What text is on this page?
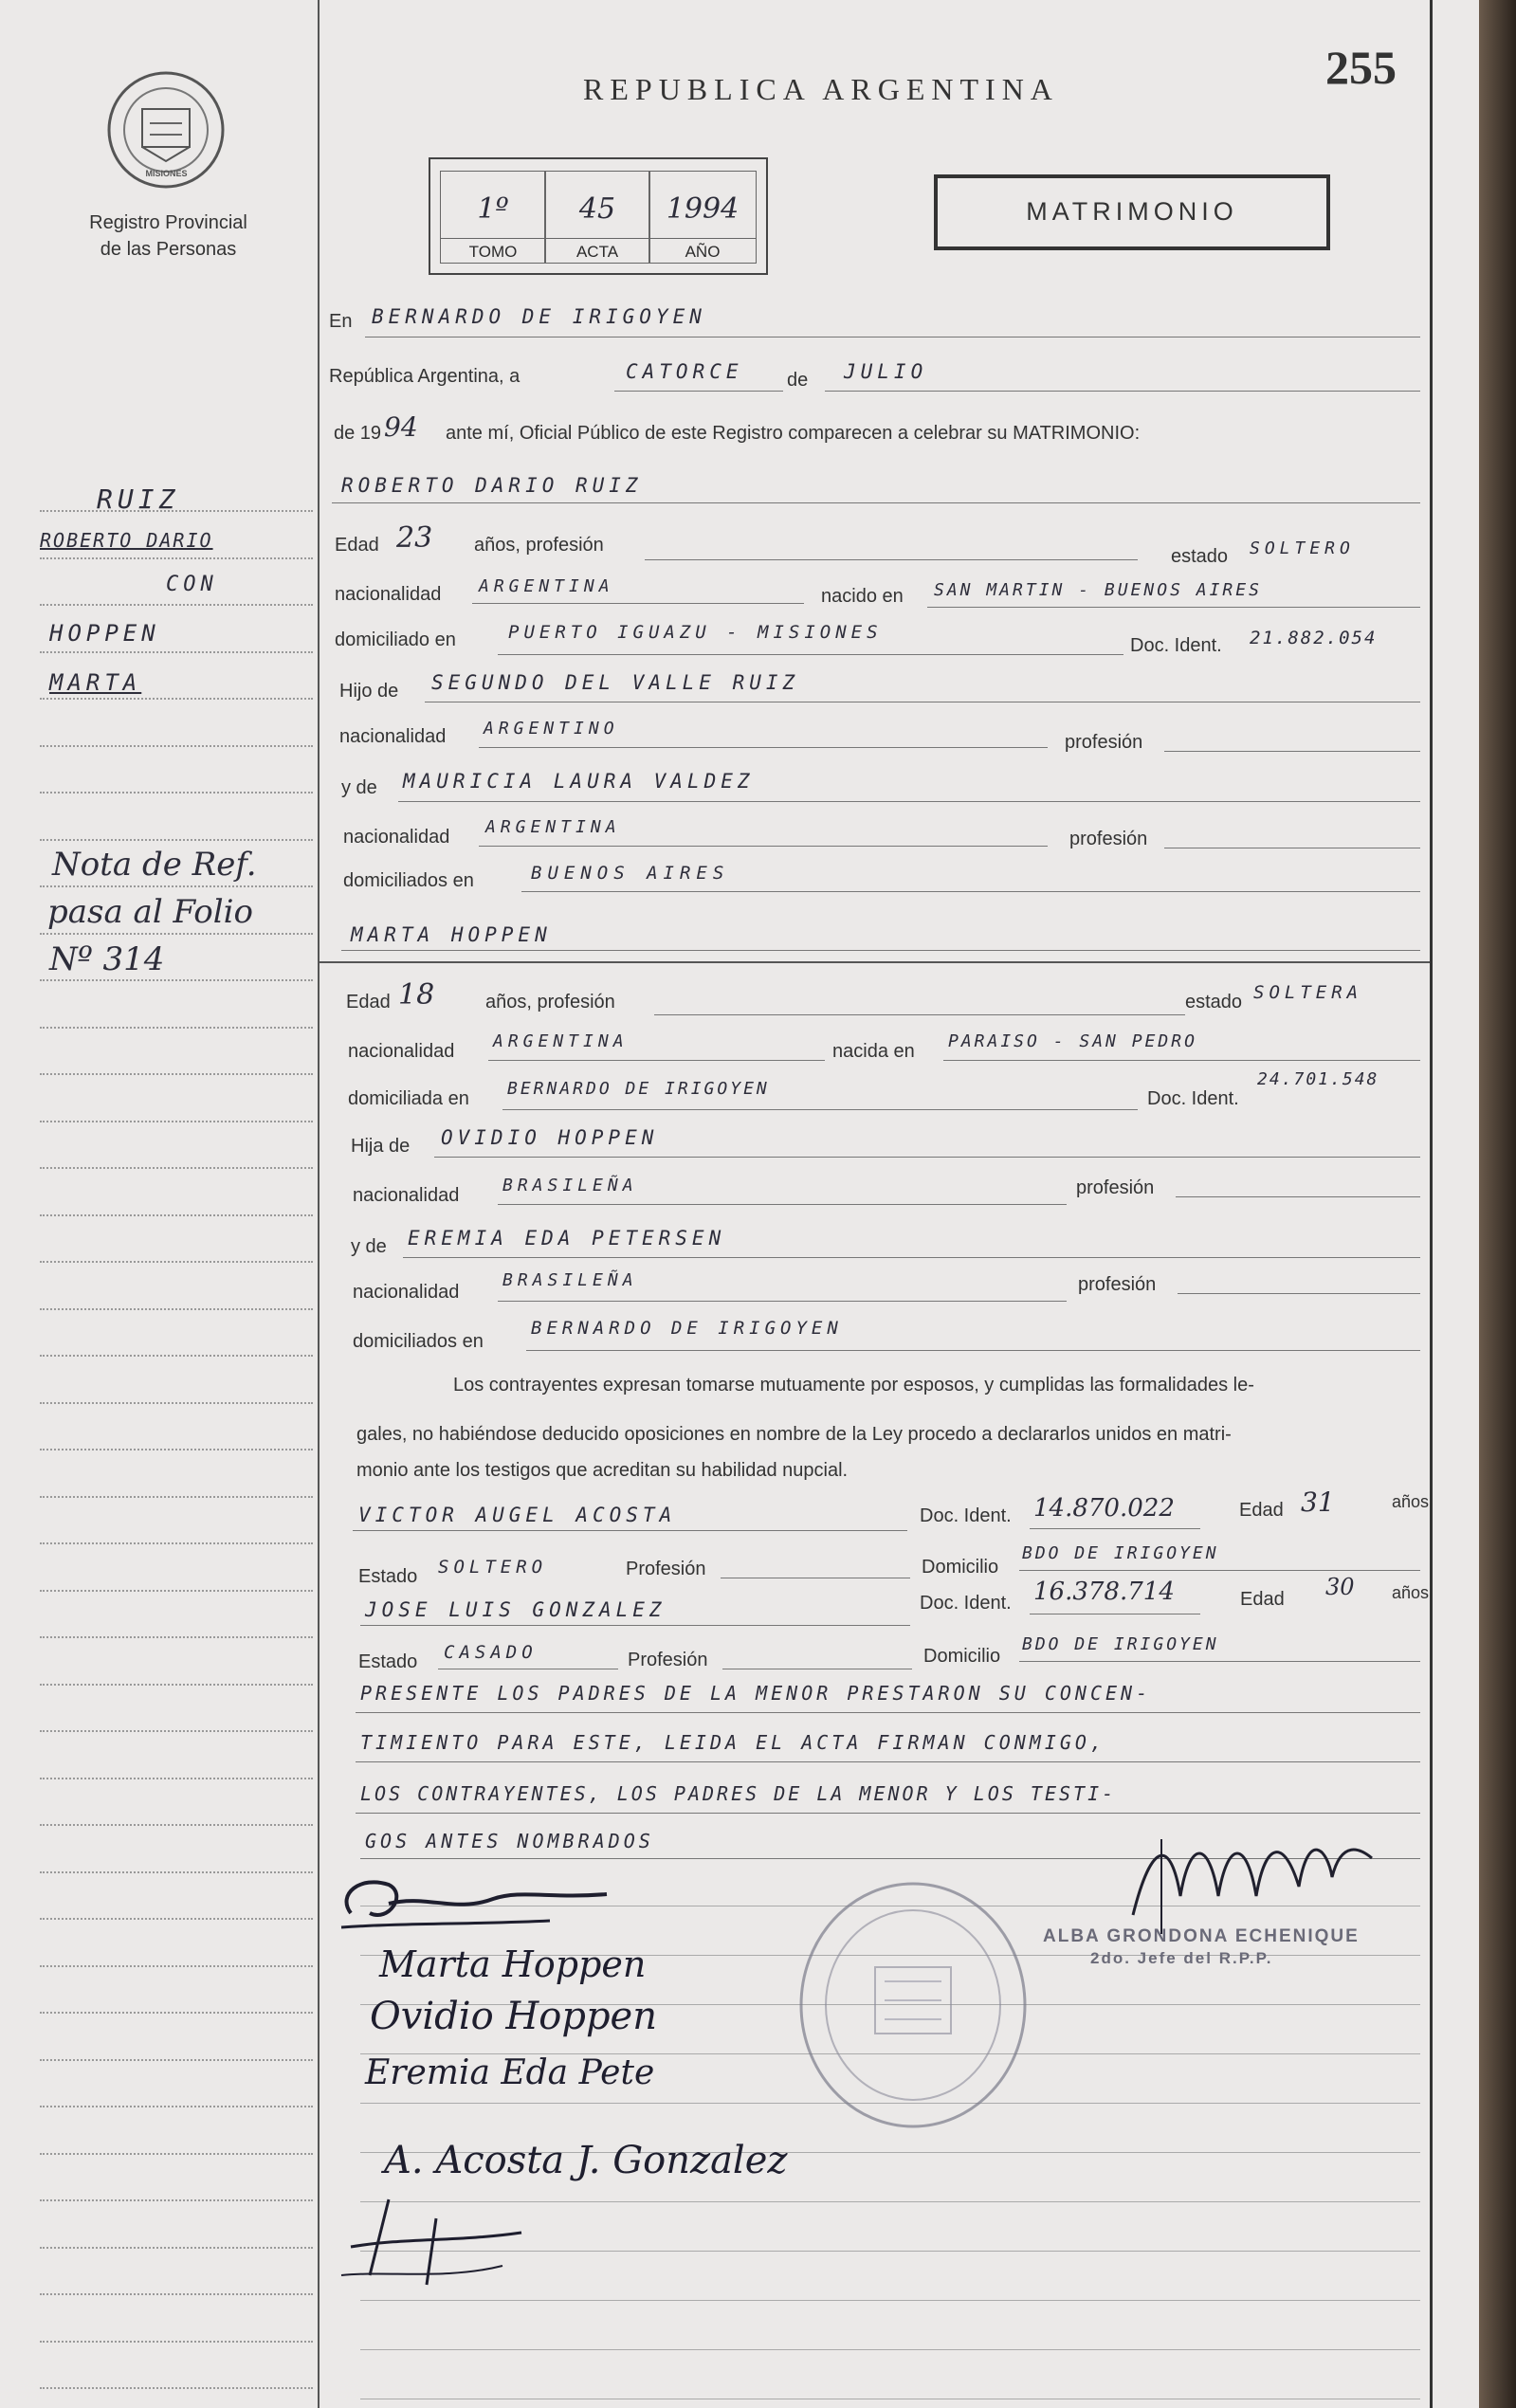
MISIONES
Registro Provincial
de las Personas
REPUBLICA ARGENTINA	255
1º
TOMO
45
ACTA
1994
AÑO
MATRIMONIO
RUIZ
ROBERTO DARIO
CON
HOPPEN
MARTA
Nota de Ref.
pasa al Folio
Nº 314
En BERNARDO DE IRIGOYEN
República Argentina, a	CATORCE de JULIO
de 19 94 ante mí, Oficial Público de este Registro comparecen a celebrar su MATRIMONIO:
ROBERTO DARIO RUIZ
Edad 23 años, profesión
estado SOLTERO
nacionalidad ARGENTINA	nacido en SAN MARTIN - BUENOS AIRES
domiciliado en	PUERTO IGUAZU - MISIONES
Doc. Ident. 21.882.054
Hijo de SEGUNDO DEL VALLE RUIZ
nacionalidad ARGENTINO
profesión
y de MAURICIA LAURA VALDEZ
nacionalidad ARGENTINA
profesión
domiciliados en	BUENOS AIRES
MARTA HOPPEN
Edad 18	años, profesión	estado SOLTERA
nacionalidad ARGENTINA	nacida en PARAISO - SAN PEDRO
domiciliada en BERNARDO DE IRIGOYEN	Doc. Ident.
24.701.548
Hija de OVIDIO HOPPEN
nacionalidad	BRASILEÑA	profesión
y de EREMIA EDA PETERSEN
nacionalidad
BRASILEÑA	profesión
domiciliados en
BERNARDO DE IRIGOYEN
Los contrayentes expresan tomarse mutuamente por esposos, y cumplidas las formalidades le-
gales, no habiéndose deducido oposiciones en nombre de la Ley procedo a declararlos unidos en matri-
monio ante los testigos que acreditan su habilidad nupcial.
VICTOR AUGEL ACOSTA	Doc. Ident. 14.870.022	Edad 31	años
Estado SOLTERO	Profesión	Domicilio
BDO DE IRIGOYEN
JOSE LUIS GONZALEZ	Doc. Ident. 16.378.714	Edad 30 años
Estado CASADO	Profesión	Domicilio
BDO DE IRIGOYEN
PRESENTE LOS PADRES DE LA MENOR PRESTARON SU CONCEN-
TIMIENTO PARA ESTE, LEIDA EL ACTA FIRMAN CONMIGO,
LOS CONTRAYENTES, LOS PADRES DE LA MENOR Y LOS TESTI-
GOS ANTES NOMBRADOS
ALBA GRONDONA ECHENIQUE
2do. Jefe del R.P.P.
Marta Hoppen
Ovidio Hoppen
Eremia Eda Pete
A. Acosta J. Gonzalez
